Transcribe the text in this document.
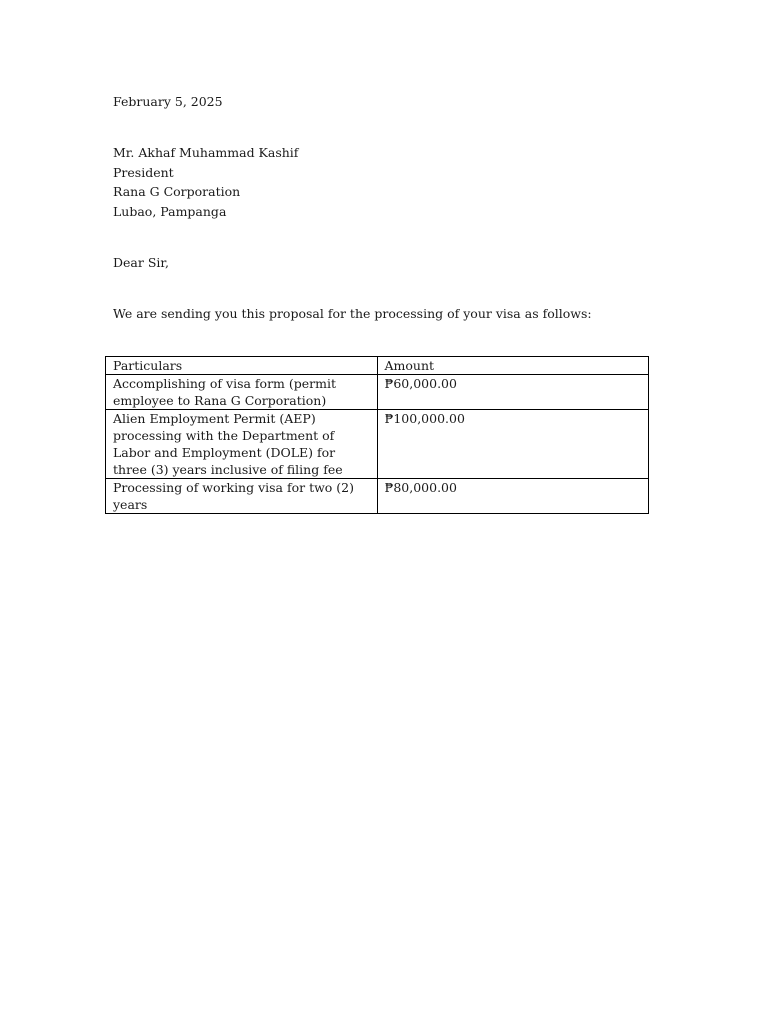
February 5, 2025
Mr. Akhaf Muhammad Kashif
President
Rana G Corporation
Lubao, Pampanga
Dear Sir,
We are sending you this proposal for the processing of your visa as follows:
Particulars	Amount
Accomplishing of visa form (permit employee to Rana G Corporation)	₱60,000.00
Alien Employment Permit (AEP) processing with the Department of Labor and Employment (DOLE) for three (3) years inclusive of filing fee	₱100,000.00
Processing of working visa for two (2) years	₱80,000.00
